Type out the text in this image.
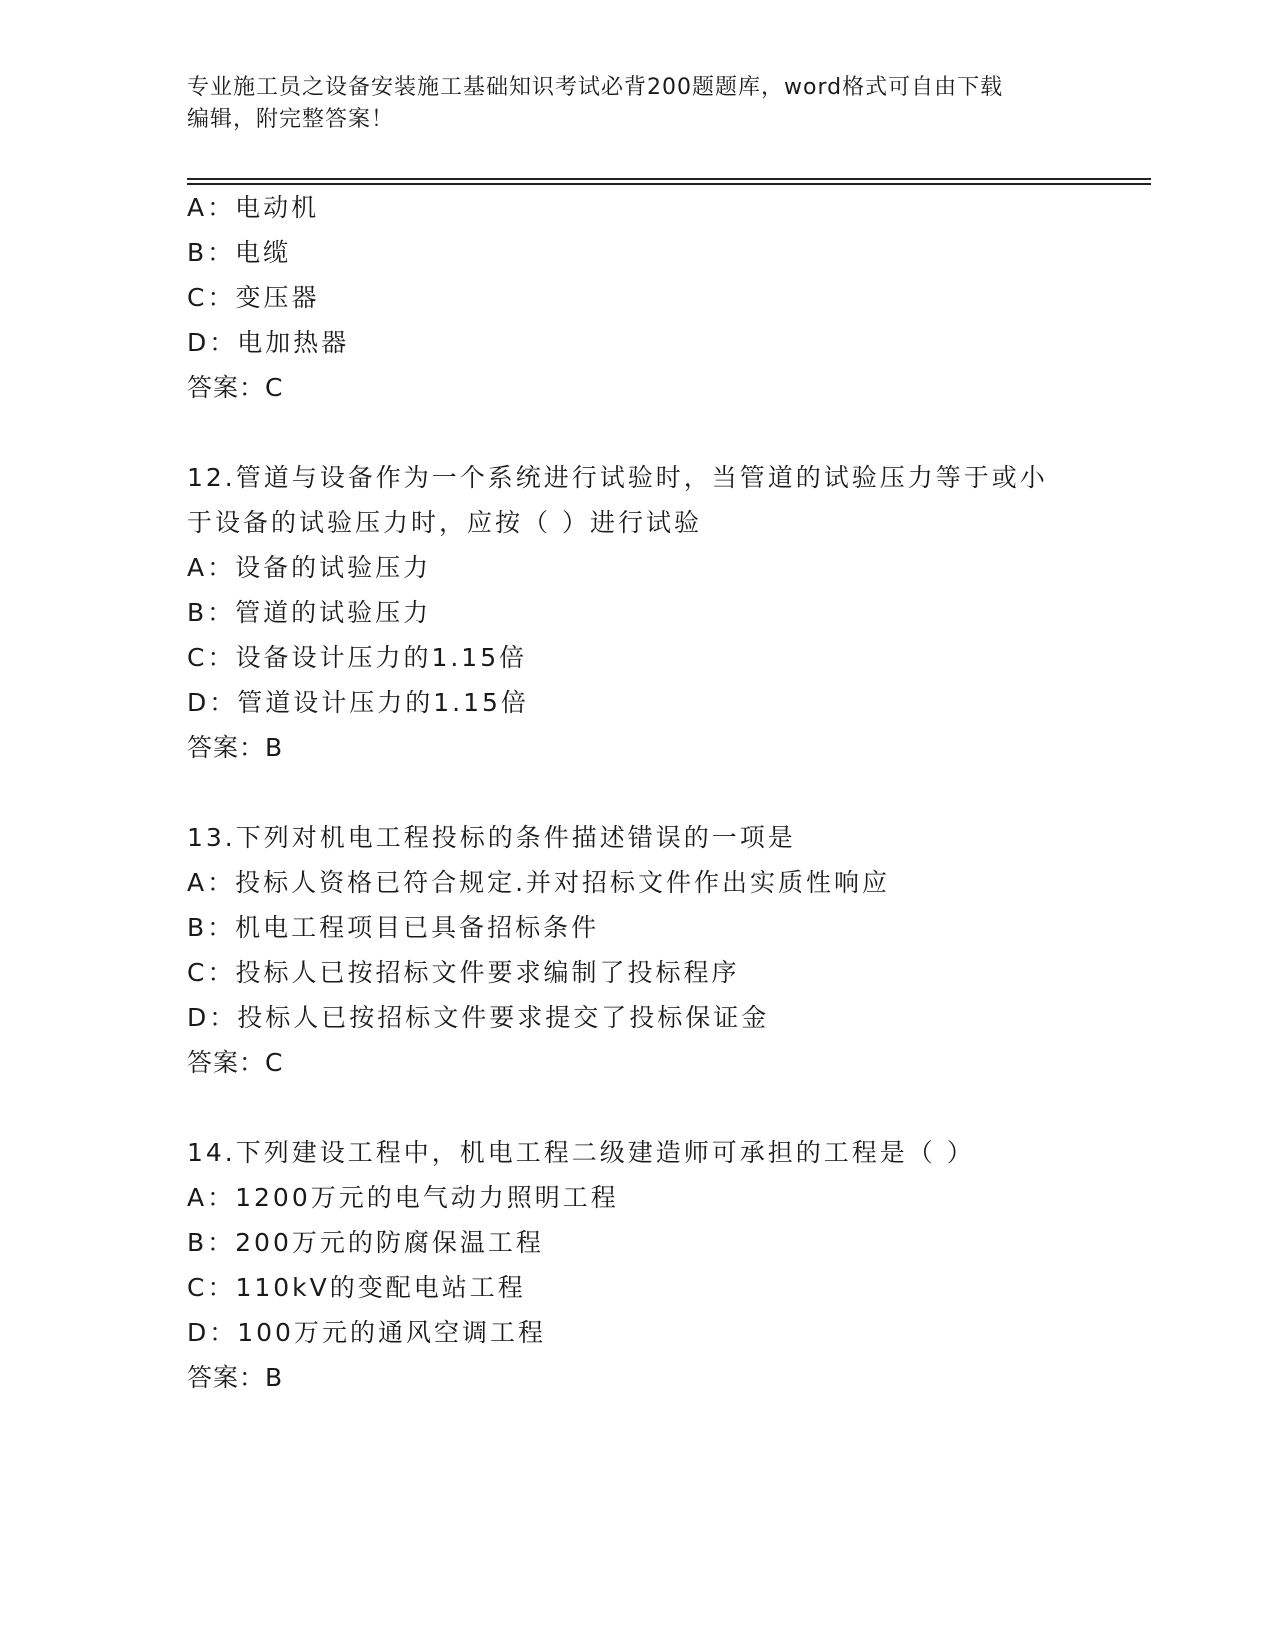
专业施工员之设备安装施工基础知识考试必背200题题库，word格式可自由下载
编辑，附完整答案！
A：电动机
B：电缆
C：变压器
D：电加热器
答案：C
12.管道与设备作为一个系统进行试验时，当管道的试验压力等于或小
于设备的试验压力时，应按（ ）进行试验
A：设备的试验压力
B：管道的试验压力
C：设备设计压力的1.15倍
D：管道设计压力的1.15倍
答案：B
13.下列对机电工程投标的条件描述错误的一项是
A：投标人资格已符合规定.并对招标文件作出实质性响应
B：机电工程项目已具备招标条件
C：投标人已按招标文件要求编制了投标程序
D：投标人已按招标文件要求提交了投标保证金
答案：C
14.下列建设工程中，机电工程二级建造师可承担的工程是（ ）
A：1200万元的电气动力照明工程
B：200万元的防腐保温工程
C：110kV的变配电站工程
D：100万元的通风空调工程
答案：B
